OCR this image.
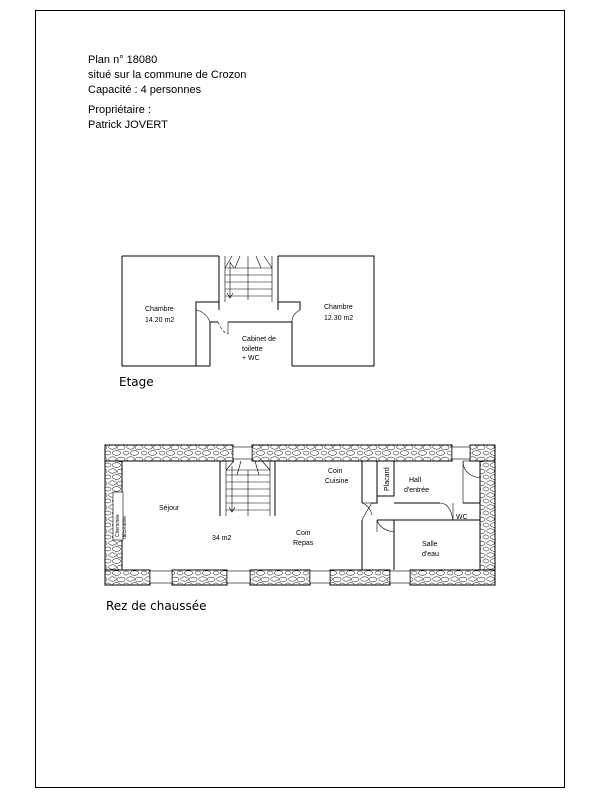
Plan n° 18080
situé sur la commune de Crozon
Capacité : 4 personnes
Propriétaire :
Patrick JOVERT
Chambre
14.20 m2
Chambre
12.30 m2
Cabinet de
toilette
+ WC
Etage
Cheminée décorative
Séjour
34 m2
Coin
Repas
Coin
Cuisine	Placard	Hall
d'entrée
WC
Salle
d'eau
Rez de chaussée
